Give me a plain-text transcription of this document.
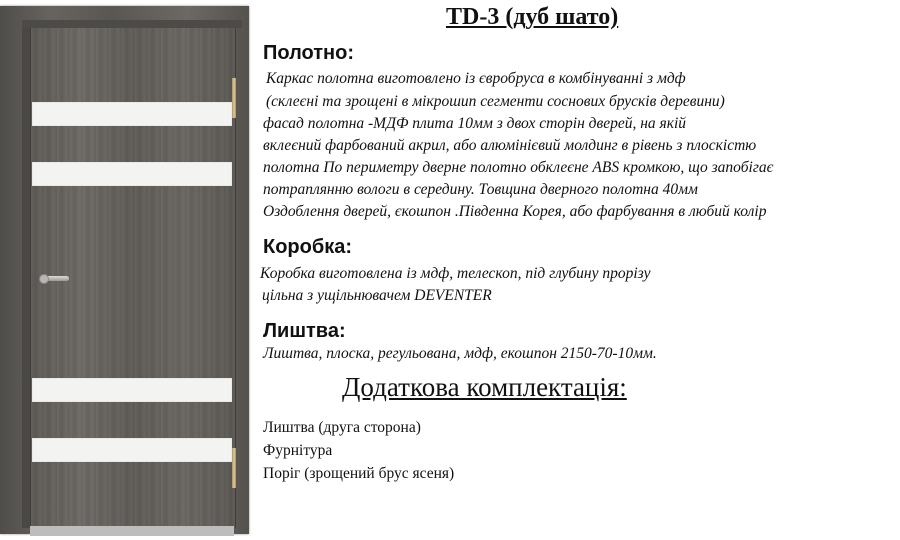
TD-3 (дуб шато)
Полотно:
Каркас полотна виготовлено із євробруса в комбінуванні з мдф
(склеєні та зрощені в мікрошип сегменти соснових брусків деревини)
фасад полотна -МДФ плита 10мм з двох сторін дверей, на якій
вклеєний фарбований акрил, або алюмінієвий молдинг в рівень з плоскістю
полотна По периметру дверне полотно обклеєне ABS кромкою, що запобігає
потраплянню вологи в середину. Товщина дверного полотна 40мм
Оздоблення дверей, єкошпон .Південна Корея, або фарбування в любий колір
Коробка:
Коробка виготовлена із мдф, телескоп, під глубину прорізу
цільна з ущільнювачем DEVENTER
Лиштва:
Лиштва, плоска, регульована, мдф, екошпон 2150-70-10мм.
Додаткова комплектація:
Лиштва (друга сторона)
Фурнітура
Поріг (зрощений брус ясеня)
